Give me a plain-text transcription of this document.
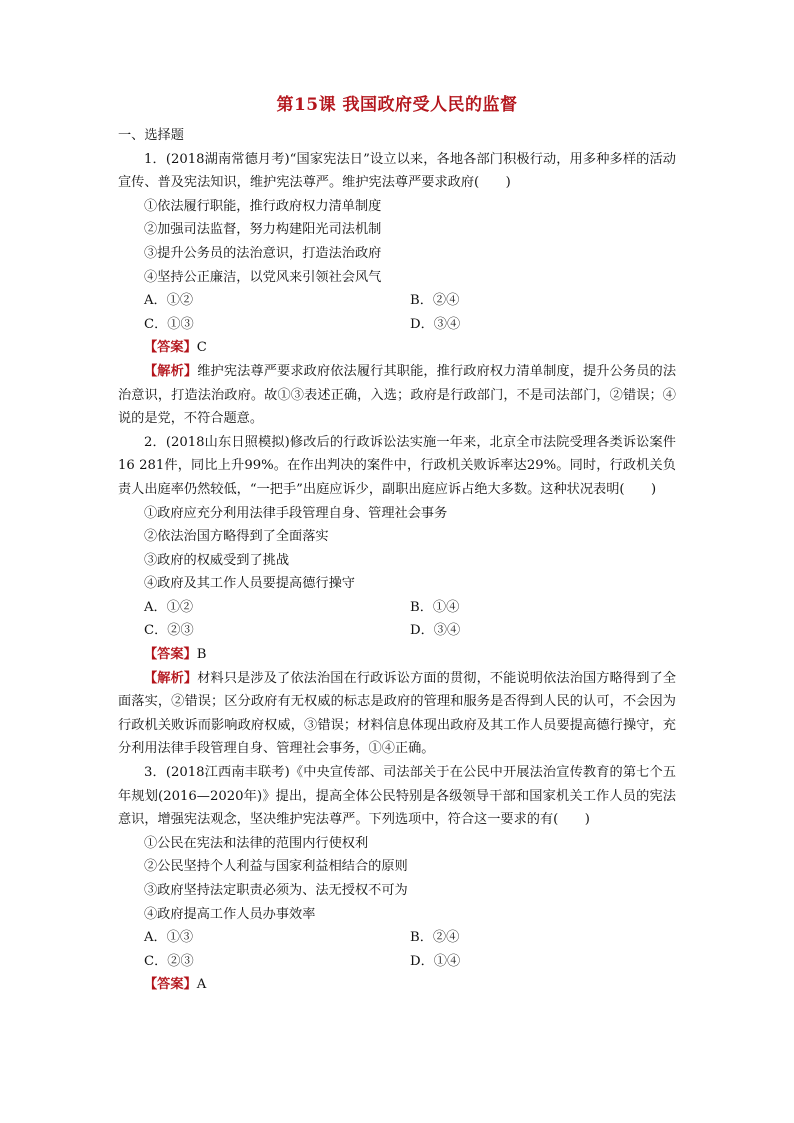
第15课 我国政府受人民的监督

一、选择题

1．(2018湖南常德月考)“国家宪法日”设立以来，各地各部门积极行动，用多种多样的活动宣传、普及宪法知识，维护宪法尊严。维护宪法尊严要求政府(　　)

①依法履行职能，推行政府权力清单制度

②加强司法监督，努力构建阳光司法机制

③提升公务员的法治意识，打造法治政府

④坚持公正廉洁，以党风来引领社会风气

A．①②	B．②④
C．①③	D．③④
【答案】C

【解析】维护宪法尊严要求政府依法履行其职能，推行政府权力清单制度，提升公务员的法治意识，打造法治政府。故①③表述正确，入选；政府是行政部门，不是司法部门，②错误；④说的是党，不符合题意。

2．(2018山东日照模拟)修改后的行政诉讼法实施一年来，北京全市法院受理各类诉讼案件16 281件，同比上升99%。在作出判决的案件中，行政机关败诉率达29%。同时，行政机关负责人出庭率仍然较低，“一把手”出庭应诉少，副职出庭应诉占绝大多数。这种状况表明(　　)

①政府应充分利用法律手段管理自身、管理社会事务

②依法治国方略得到了全面落实

③政府的权威受到了挑战

④政府及其工作人员要提高德行操守

A．①②	B．①④
C．②③	D．③④
【答案】B

【解析】材料只是涉及了依法治国在行政诉讼方面的贯彻，不能说明依法治国方略得到了全面落实，②错误；区分政府有无权威的标志是政府的管理和服务是否得到人民的认可，不会因为行政机关败诉而影响政府权威，③错误；材料信息体现出政府及其工作人员要提高德行操守，充分利用法律手段管理自身、管理社会事务，①④正确。

3．(2018江西南丰联考)《中央宣传部、司法部关于在公民中开展法治宣传教育的第七个五年规划(2016—2020年)》提出，提高全体公民特别是各级领导干部和国家机关工作人员的宪法意识，增强宪法观念，坚决维护宪法尊严。下列选项中，符合这一要求的有(　　)

①公民在宪法和法律的范围内行使权利

②公民坚持个人利益与国家利益相结合的原则

③政府坚持法定职责必须为、法无授权不可为

④政府提高工作人员办事效率

A．①③	B．②④
C．②③	D．①④
【答案】A
